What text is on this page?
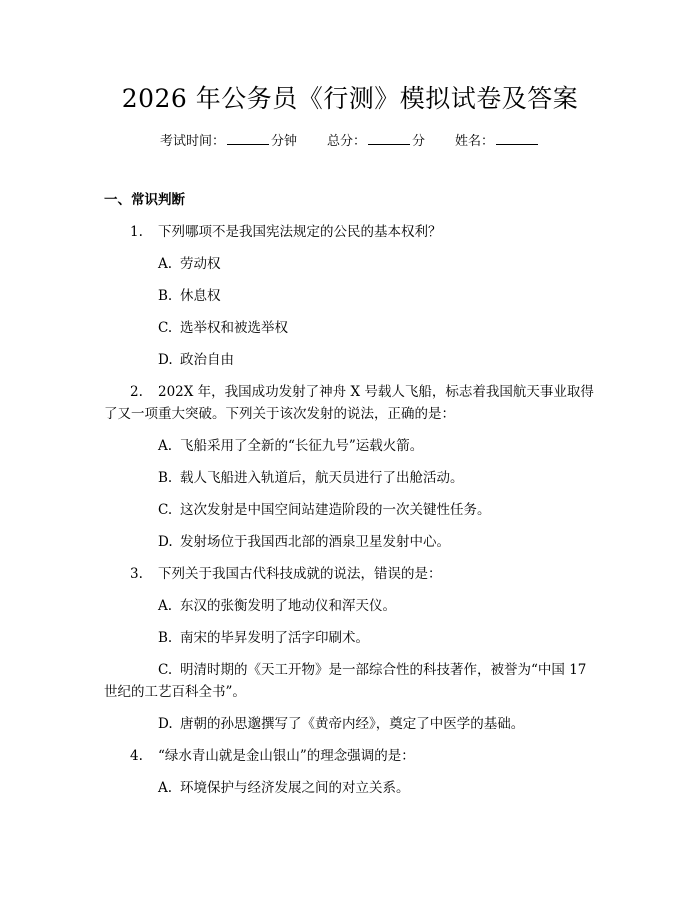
2026 年公务员《行测》模拟试卷及答案
考试时间：	分钟 总分：	分 姓名：
一、常识判断
1. 下列哪项不是我国宪法规定的公民的基本权利？
A. 劳动权
B. 休息权
C. 选举权和被选举权
D. 政治自由
2. 202X 年，我国成功发射了神舟 X 号载人飞船，标志着我国航天事业取得
了又一项重大突破。下列关于该次发射的说法，正确的是：
A. 飞船采用了全新的“长征九号”运载火箭。
B. 载人飞船进入轨道后，航天员进行了出舱活动。
C. 这次发射是中国空间站建造阶段的一次关键性任务。
D. 发射场位于我国西北部的酒泉卫星发射中心。
3. 下列关于我国古代科技成就的说法，错误的是：
A. 东汉的张衡发明了地动仪和浑天仪。
B. 南宋的毕昇发明了活字印刷术。
C. 明清时期的《天工开物》是一部综合性的科技著作，被誉为“中国 17
世纪的工艺百科全书”。
D. 唐朝的孙思邈撰写了《黄帝内经》，奠定了中医学的基础。
4. “绿水青山就是金山银山”的理念强调的是：
A. 环境保护与经济发展之间的对立关系。
